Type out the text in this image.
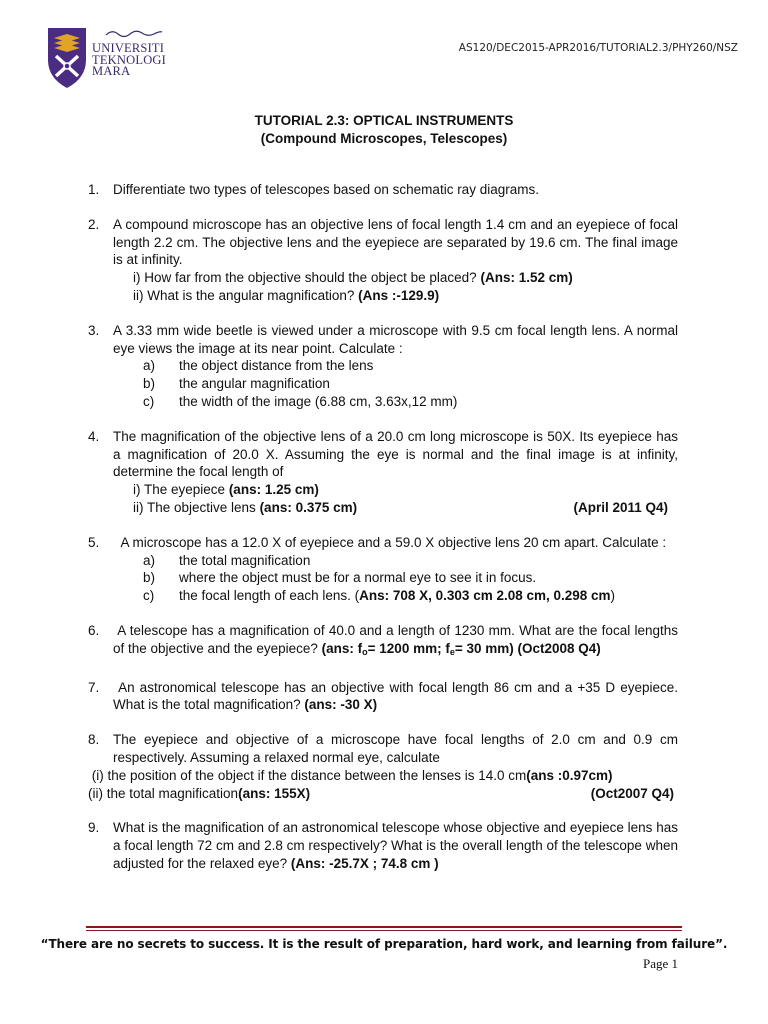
UNIVERSITI
TEKNOLOGI
MARA
AS120/DEC2015-APR2016/TUTORIAL2.3/PHY260/NSZ
TUTORIAL 2.3: OPTICAL INSTRUMENTS
(Compound Microscopes, Telescopes)
1. Differentiate two types of telescopes based on schematic ray diagrams.
2. A compound microscope has an objective lens of focal length 1.4 cm and an eyepiece of focal length 2.2 cm. The objective lens and the eyepiece are separated by 19.6 cm. The final image is at infinity.
i) How far from the objective should the object be placed? (Ans: 1.52 cm)
ii) What is the angular magnification? (Ans :-129.9)
3. A 3.33 mm wide beetle is viewed under a microscope with 9.5 cm focal length lens. A normal eye views the image at its near point. Calculate :
a) the object distance from the lens
b) the angular magnification
c) the width of the image (6.88 cm, 3.63x,12 mm)
4. The magnification of the objective lens of a 20.0 cm long microscope is 50X. Its eyepiece has a magnification of 20.0 X. Assuming the eye is normal and the final image is at infinity, determine the focal length of
i) The eyepiece (ans: 1.25 cm)
ii) The objective lens (ans: 0.375 cm)	(April 2011 Q4)
5. A microscope has a 12.0 X of eyepiece and a 59.0 X objective lens 20 cm apart. Calculate :
a) the total magnification
b) where the object must be for a normal eye to see it in focus.
c) the focal length of each lens. (Ans: 708 X, 0.303 cm 2.08 cm, 0.298 cm)
6. A telescope has a magnification of 40.0 and a length of 1230 mm. What are the focal lengths of the objective and the eyepiece? (ans: $f_o= 1200$ mm; $f_e= 30$ mm) (Oct2008 Q4)
7. An astronomical telescope has an objective with focal length 86 cm and a +35 D eyepiece. What is the total magnification? (ans: -30 X)
8. The eyepiece and objective of a microscope have focal lengths of 2.0 cm and 0.9 cm respectively. Assuming a relaxed normal eye, calculate
(i) the position of the object if the distance between the lenses is 14.0 cm(ans :0.97cm)
(ii) the total magnification(ans: 155X)	(Oct2007 Q4)
9. What is the magnification of an astronomical telescope whose objective and eyepiece lens has a focal length 72 cm and 2.8 cm respectively? What is the overall length of the telescope when adjusted for the relaxed eye? (Ans: -25.7X ; 74.8 cm )
“There are no secrets to success. It is the result of preparation, hard work, and learning from failure”.
Page 1
